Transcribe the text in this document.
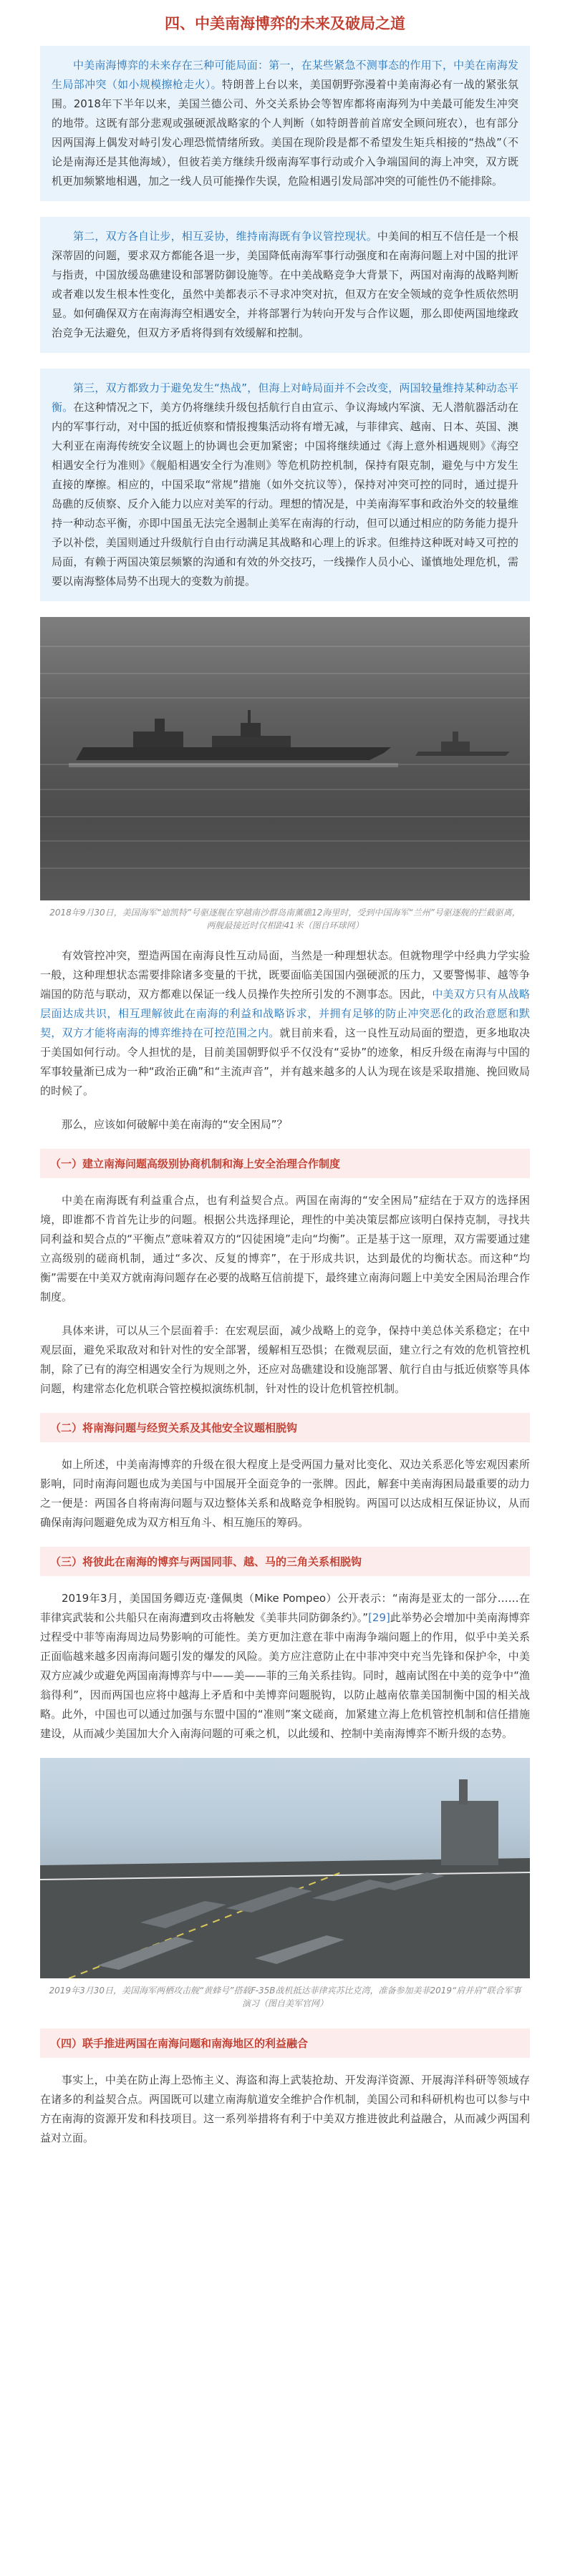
四、中美南海博弈的未来及破局之道

中美南海博弈的未来存在三种可能局面：第一，在某些紧急不测事态的作用下，中美在南海发生局部冲突（如小规模擦枪走火）。特朗普上台以来，美国朝野弥漫着中美南海必有一战的紧张氛围。2018年下半年以来，美国兰德公司、外交关系协会等智库都将南海列为中美最可能发生冲突的地带。这既有部分悲观或强硬派战略家的个人判断（如特朗普前首席安全顾问班农），也有部分因两国海上偶发对峙引发心理恐慌情绪所致。美国在现阶段是都不希望发生矩兵相接的“热战”（不论是南海还是其他海域），但彼若美方继续升级南海军事行动或介入争端国间的海上冲突，双方既机更加频繁地相遇，加之一线人员可能操作失误，危险相遇引发局部冲突的可能性仍不能排除。

第二，双方各自让步，相互妥协，维持南海既有争议管控现状。中美间的相互不信任是一个根深蒂固的问题，要求双方都能各退一步，美国降低南海军事行动强度和在南海问题上对中国的批评与指责，中国放缓岛礁建设和部署防御设施等。在中美战略竞争大背景下，两国对南海的战略判断或者难以发生根本性变化，虽然中美都表示不寻求冲突对抗，但双方在安全领域的竞争性质依然明显。如何确保双方在南海海空相遇安全，并将部署行为转向开发与合作议题，那么即使两国地缘政治竞争无法避免，但双方矛盾将得到有效缓解和控制。

第三，双方都致力于避免发生“热战”，但海上对峙局面并不会改变，两国较量维持某种动态平衡。在这种情况之下，美方仍将继续升级包括航行自由宣示、争议海域内军演、无人潜航器活动在内的军事行动，对中国的抵近侦察和情报搜集活动将有增无减，与菲律宾、越南、日本、英国、澳大利亚在南海传统安全议题上的协调也会更加紧密；中国将继续通过《海上意外相遇规则》《海空相遇安全行为准则》《舰船相遇安全行为准则》等危机防控机制，保持有限克制，避免与中方发生直接的摩擦。相应的，中国采取“常规”措施（如外交抗议等），保持对冲突可控的同时，通过提升岛礁的反侦察、反介入能力以应对美军的行动。理想的情况是，中美南海军事和政治外交的较量维持一种动态平衡，亦即中国虽无法完全遏制止美军在南海的行动，但可以通过相应的防务能力提升予以补偿，美国则通过升级航行自由行动满足其战略和心理上的诉求。但维持这种既对峙又可控的局面，有赖于两国决策层频繁的沟通和有效的外交技巧，一线操作人员小心、谨慎地处理危机，需要以南海整体局势不出现大的变数为前提。

2018年9月30日，美国海军“迪凯特”号驱逐舰在穿越南沙群岛南薰礁12海里时，受到中国海军“兰州”号驱逐舰的拦截驱离，两舰最接近时仅相距41米（图自环球网）

有效管控冲突，塑造两国在南海良性互动局面，当然是一种理想状态。但就物理学中经典力学实验一般，这种理想状态需要排除诸多变量的干扰，既要面临美国国内强硬派的压力，又要警惕菲、越等争端国的防范与联动，双方都难以保证一线人员操作失控所引发的不测事态。因此，中美双方只有从战略层面达成共识，相互理解彼此在南海的利益和战略诉求，并拥有足够的防止冲突恶化的政治意愿和默契，双方才能将南海的博弈维持在可控范围之内。就目前来看，这一良性互动局面的塑造，更多地取决于美国如何行动。令人担忧的是，目前美国朝野似乎不仅没有“妥协”的迹象，相反升级在南海与中国的军事较量渐已成为一种“政治正确”和“主流声音”，并有越来越多的人认为现在该是采取措施、挽回败局的时候了。

那么，应该如何破解中美在南海的“安全困局”？

（一）建立南海问题高级别协商机制和海上安全治理合作制度

中美在南海既有利益重合点，也有利益契合点。两国在南海的“安全困局”症结在于双方的选择困境，即谁都不肯首先让步的问题。根据公共选择理论，理性的中美决策层都应该明白保持克制，寻找共同利益和契合点的“平衡点”意味着双方的“囚徒困境”走向“均衡”。正是基于这一原理，双方需要通过建立高级别的磋商机制，通过“多次、反复的博弈”，在于形成共识，达到最优的均衡状态。而这种“均衡”需要在中美双方就南海问题存在必要的战略互信前提下，最终建立南海问题上中美安全困局治理合作制度。

具体来讲，可以从三个层面着手：在宏观层面，减少战略上的竞争，保持中美总体关系稳定；在中观层面，避免采取敌对和针对性的安全部署，缓解相互恐惧；在微观层面，建立行之有效的危机管控机制，除了已有的海空相遇安全行为规则之外，还应对岛礁建设和设施部署、航行自由与抵近侦察等具体问题，构建常态化危机联合管控模拟演练机制，针对性的设计危机管控机制。

（二）将南海问题与经贸关系及其他安全议题相脱钩

如上所述，中美南海博弈的升级在很大程度上是受两国力量对比变化、双边关系恶化等宏观因素所影响，同时南海问题也成为美国与中国展开全面竞争的一张牌。因此，解套中美南海困局最重要的动力之一便是：两国各自将南海问题与双边整体关系和战略竞争相脱钩。两国可以达成相互保证协议，从而确保南海问题避免成为双方相互角斗、相互施压的筹码。

（三）将彼此在南海的博弈与两国同菲、越、马的三角关系相脱钩

2019年3月，美国国务卿迈克·蓬佩奥（Mike Pompeo）公开表示：“南海是亚太的一部分……在菲律宾武装和公共船只在南海遭到攻击将触发《美菲共同防御条约》。”[29]此举势必会增加中美南海博弈过程受中菲等南海周边局势影响的可能性。美方更加注意在菲中南海争端问题上的作用，似乎中美关系正面临越来越多因南海问题引发的爆发的风险。美方应注意防止在中菲冲突中充当先锋和保护伞，中美双方应减少或避免两国南海博弈与中——美——菲的三角关系挂钩。同时，越南试图在中美的竞争中“渔翁得利”，因而两国也应将中越海上矛盾和中美博弈问题脱钩，以防止越南依靠美国制衡中国的相关战略。此外，中国也可以通过加强与东盟中国的“准则”案文磋商，加紧建立海上危机管控机制和信任措施建设，从而减少美国加大介入南海问题的可乘之机，以此缓和、控制中美南海博弈不断升级的态势。

2019年3月30日，美国海军两栖攻击舰“黄蜂号”搭载F-35B战机抵达菲律宾苏比克湾，准备参加美菲2019“肩并肩”联合军事演习（图自美军官网）
（四）联手推进两国在南海问题和南海地区的利益融合

事实上，中美在防止海上恐怖主义、海盗和海上武装抢劫、开发海洋资源、开展海洋科研等领域存在诸多的利益契合点。两国既可以建立南海航道安全维护合作机制，美国公司和科研机构也可以参与中方在南海的资源开发和科技项目。这一系列举措将有利于中美双方推进彼此利益融合，从而减少两国利益对立面。
